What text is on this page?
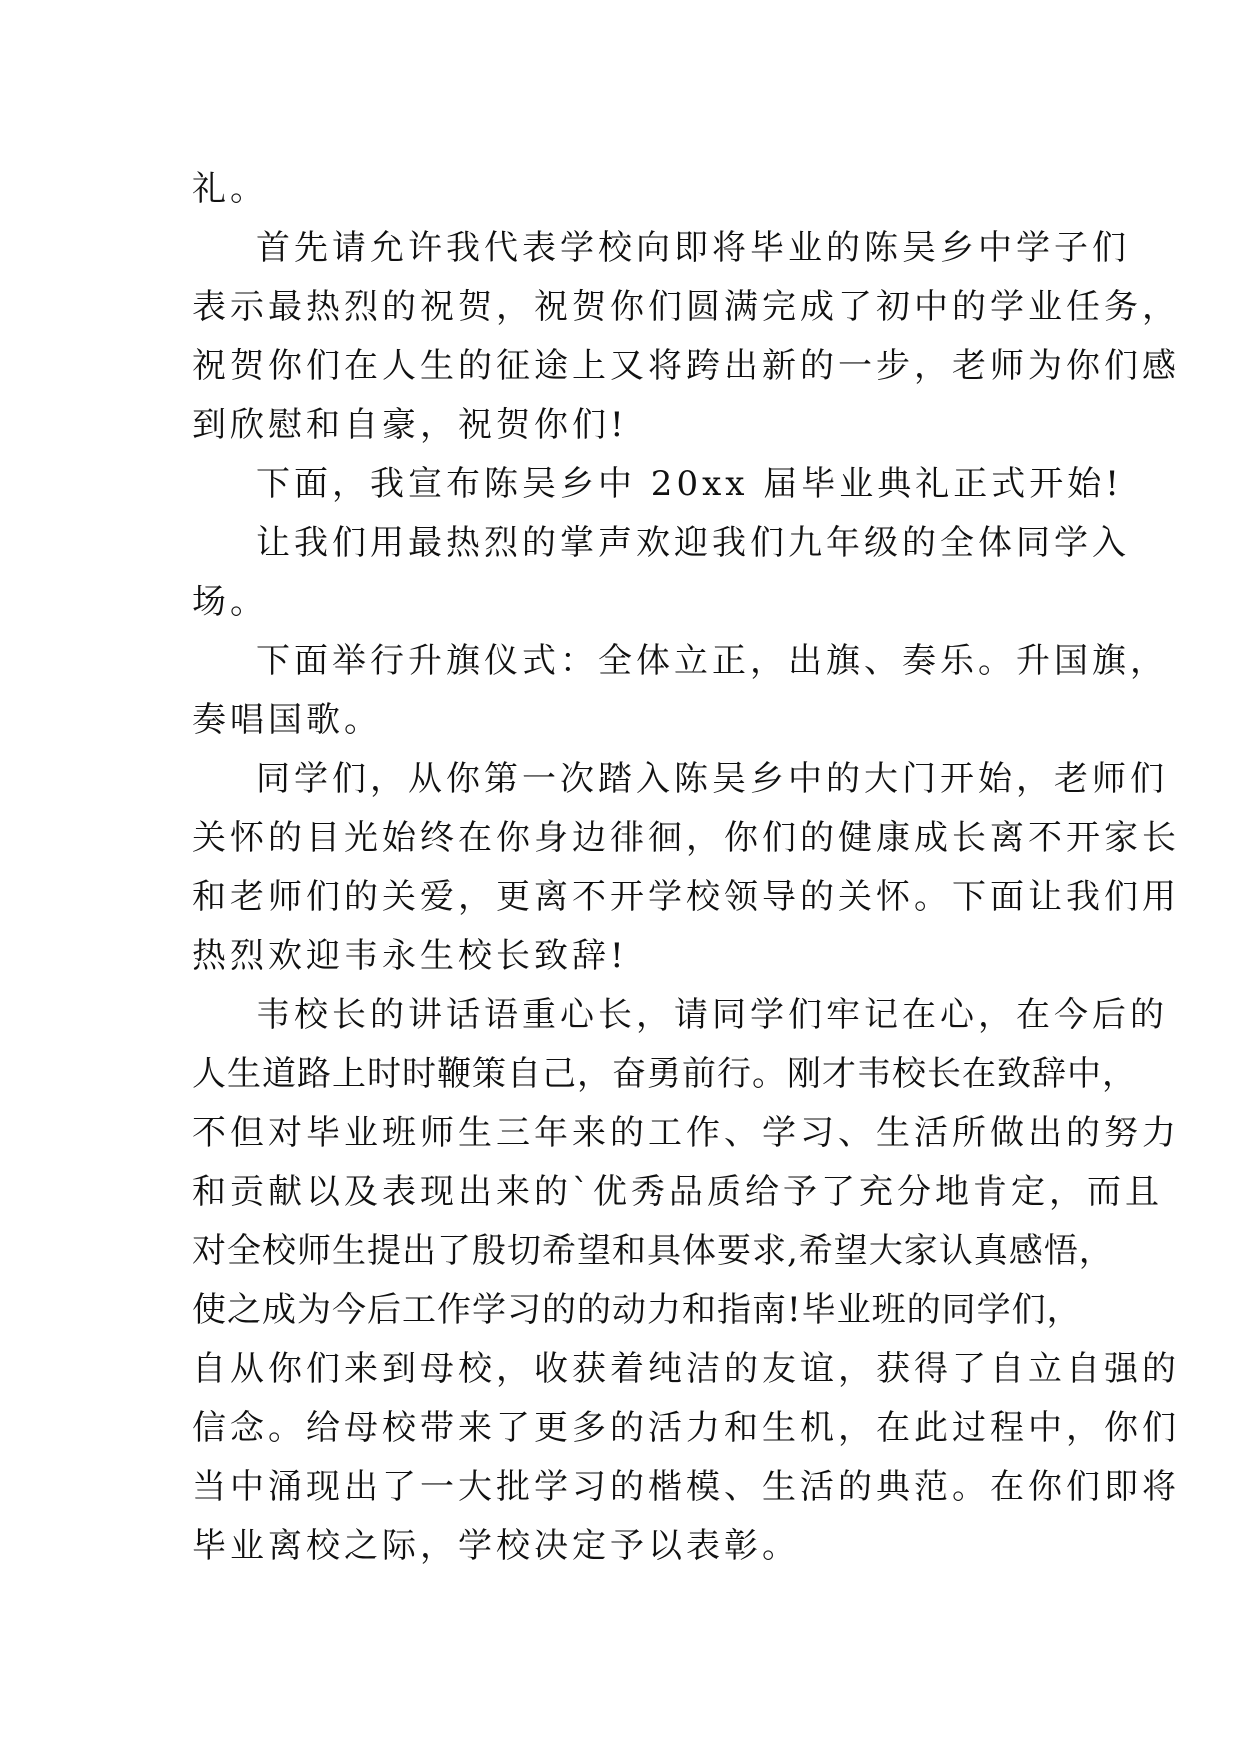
礼。

首先请允许我代表学校向即将毕业的陈吴乡中学子们
表示最热烈的祝贺，祝贺你们圆满完成了初中的学业任务，
祝贺你们在人生的征途上又将跨出新的一步，老师为你们感
到欣慰和自豪，祝贺你们!

下面，我宣布陈吴乡中 20xx 届毕业典礼正式开始!

让我们用最热烈的掌声欢迎我们九年级的全体同学入
场。

下面举行升旗仪式：全体立正，出旗、奏乐。升国旗，
奏唱国歌。

同学们，从你第一次踏入陈吴乡中的大门开始，老师们
关怀的目光始终在你身边徘徊，你们的健康成长离不开家长
和老师们的关爱，更离不开学校领导的关怀。下面让我们用
热烈欢迎韦永生校长致辞!

韦校长的讲话语重心长，请同学们牢记在心，在今后的
人生道路上时时鞭策自己，奋勇前行。刚才韦校长在致辞中，
不但对毕业班师生三年来的工作、学习、生活所做出的努力
和贡献以及表现出来的`优秀品质给予了充分地肯定，而且
对全校师生提出了殷切希望和具体要求,希望大家认真感悟，
使之成为今后工作学习的的动力和指南!毕业班的同学们，
自从你们来到母校，收获着纯洁的友谊，获得了自立自强的
信念。给母校带来了更多的活力和生机，在此过程中，你们
当中涌现出了一大批学习的楷模、生活的典范。在你们即将
毕业离校之际，学校决定予以表彰。
